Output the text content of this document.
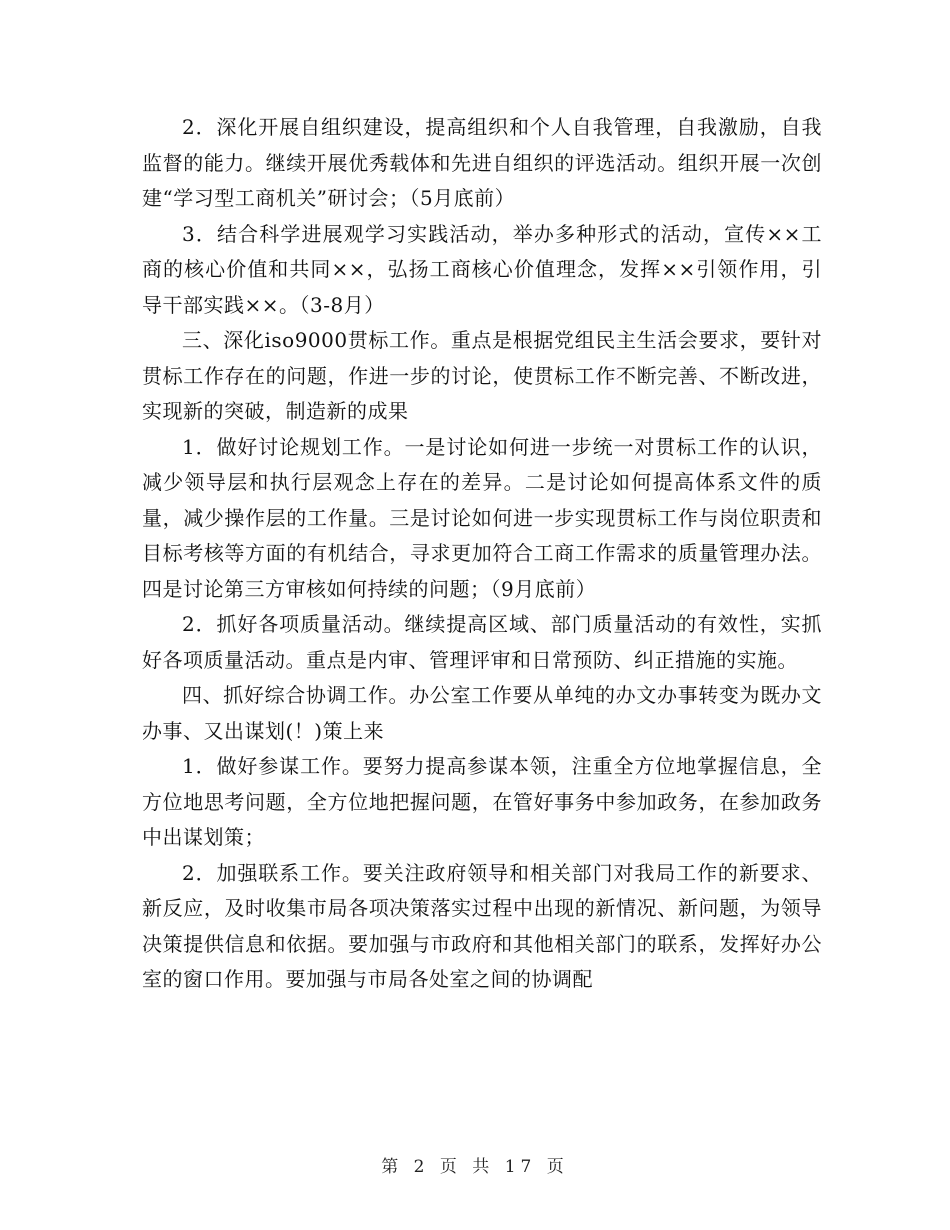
2．深化开展自组织建设，提高组织和个人自我管理，自我激励，自我监督的能力。继续开展优秀载体和先进自组织的评选活动。组织开展一次创建“学习型工商机关”研讨会；（5月底前）

3．结合科学进展观学习实践活动，举办多种形式的活动，宣传××工商的核心价值和共同××，弘扬工商核心价值理念，发挥××引领作用，引导干部实践××。（3-8月）

三、深化iso9000贯标工作。重点是根据党组民主生活会要求，要针对贯标工作存在的问题，作进一步的讨论，使贯标工作不断完善、不断改进，实现新的突破，制造新的成果

1．做好讨论规划工作。一是讨论如何进一步统一对贯标工作的认识，减少领导层和执行层观念上存在的差异。二是讨论如何提高体系文件的质量，减少操作层的工作量。三是讨论如何进一步实现贯标工作与岗位职责和目标考核等方面的有机结合，寻求更加符合工商工作需求的质量管理办法。四是讨论第三方审核如何持续的问题；（9月底前）

2．抓好各项质量活动。继续提高区域、部门质量活动的有效性，实抓好各项质量活动。重点是内审、管理评审和日常预防、纠正措施的实施。

四、抓好综合协调工作。办公室工作要从单纯的办文办事转变为既办文办事、又出谋划(！)策上来

1．做好参谋工作。要努力提高参谋本领，注重全方位地掌握信息，全方位地思考问题，全方位地把握问题，在管好事务中参加政务，在参加政务中出谋划策；

2．加强联系工作。要关注政府领导和相关部门对我局工作的新要求、新反应，及时收集市局各项决策落实过程中出现的新情况、新问题，为领导决策提供信息和依据。要加强与市政府和其他相关部门的联系，发挥好办公室的窗口作用。要加强与市局各处室之间的协调配

第 2 页 共 17 页
